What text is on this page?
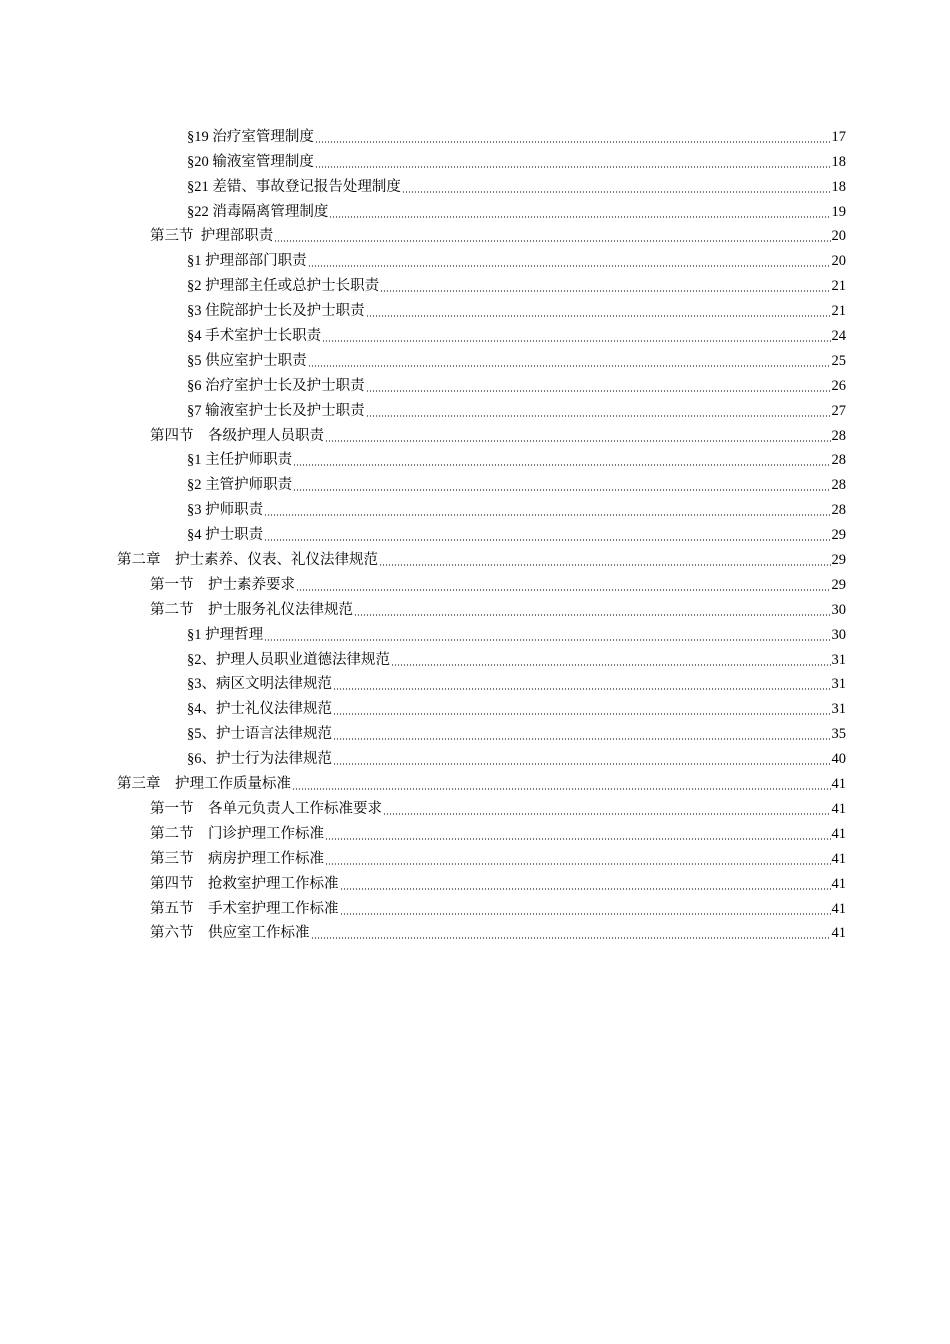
§19 治疗室管理制度	17
§20 输液室管理制度	18
§21 差错、事故登记报告处理制度	18
§22 消毒隔离管理制度	19
第三节  护理部职责	20
§1 护理部部门职责	20
§2 护理部主任或总护士长职责	21
§3 住院部护士长及护士职责	21
§4 手术室护士长职责	24
§5 供应室护士职责	25
§6 治疗室护士长及护士职责	26
§7 输液室护士长及护士职责	27
第四节    各级护理人员职责	28
§1 主任护师职责	28
§2 主管护师职责	28
§3 护师职责	28
§4 护士职责	29
第二章    护士素养、仪表、礼仪法律规范	29
第一节    护士素养要求	29
第二节    护士服务礼仪法律规范	30
§1 护理哲理	30
§2、护理人员职业道德法律规范	31
§3、病区文明法律规范	31
§4、护士礼仪法律规范	31
§5、护士语言法律规范	35
§6、护士行为法律规范	40
第三章    护理工作质量标准	41
第一节    各单元负责人工作标准要求	41
第二节    门诊护理工作标准	41
第三节    病房护理工作标准	41
第四节    抢救室护理工作标准	41
第五节    手术室护理工作标准	41
第六节    供应室工作标准	41
